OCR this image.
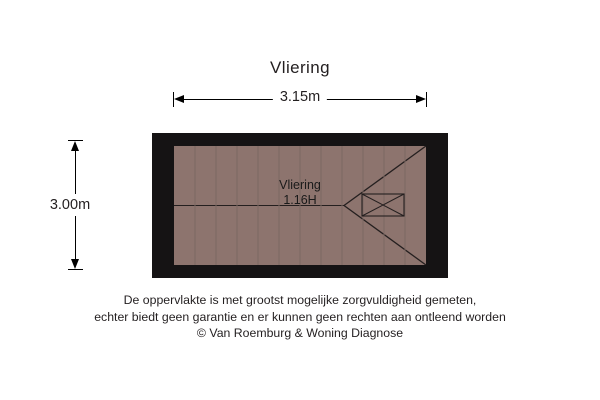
Vliering
3.15m
3.00m
Vliering
1.16H
De oppervlakte is met grootst mogelijke zorgvuldigheid gemeten,
echter biedt geen garantie en er kunnen geen rechten aan ontleend worden
© Van Roemburg & Woning Diagnose
